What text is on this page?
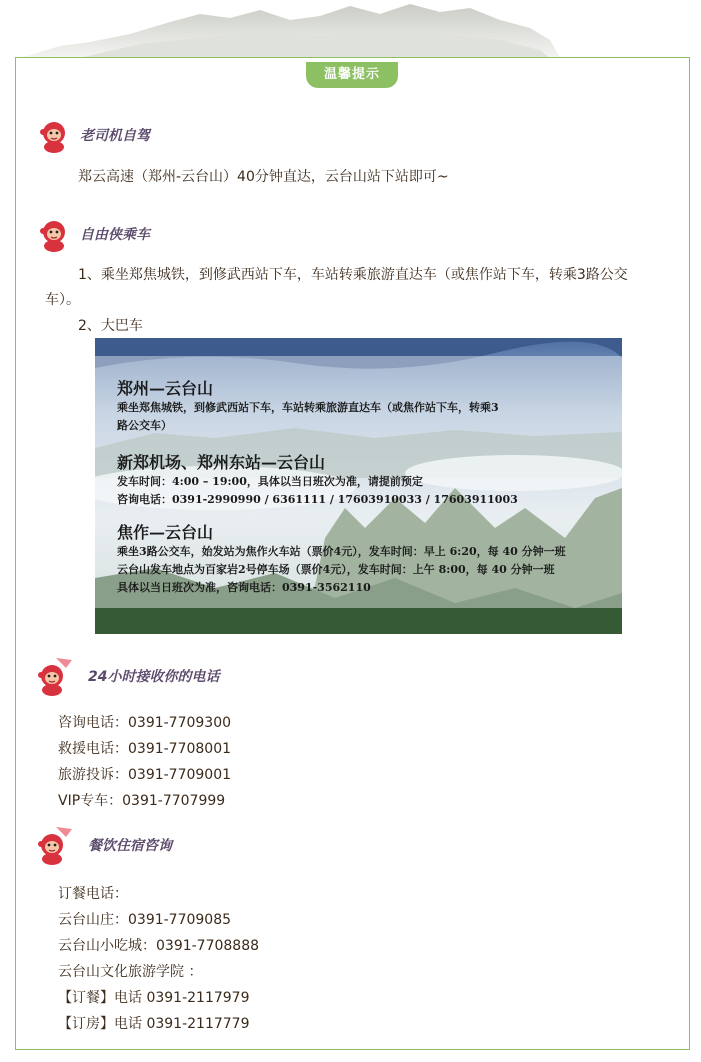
温馨提示
老司机自驾
郑云高速（郑州-云台山）40分钟直达，云台山站下站即可~
自由侠乘车
1、乘坐郑焦城铁，到修武西站下车，车站转乘旅游直达车（或焦作站下车，转乘3路公交
车）。
2、大巴车
郑州—云台山
乘坐郑焦城铁，到修武西站下车，车站转乘旅游直达车（或焦作站下车，转乘3
路公交车）
新郑机场、郑州东站—云台山
发车时间：4:00 – 19:00，具体以当日班次为准，请提前预定
咨询电话：0391-2990990 / 6361111 / 17603910033 / 17603911003
焦作—云台山
乘坐3路公交车，始发站为焦作火车站（票价4元），发车时间：早上 6:20，每 40 分钟一班
云台山发车地点为百家岩2号停车场（票价4元），发车时间：上午 8:00，每 40 分钟一班
具体以当日班次为准，咨询电话：0391-3562110
24小时接收你的电话
咨询电话：0391-7709300
救援电话：0391-7708001
旅游投诉：0391-7709001
VIP专车：0391-7707999
餐饮住宿咨询
订餐电话：
云台山庄：0391-7709085
云台山小吃城：0391-7708888
云台山文化旅游学院 ：
【订餐】电话 0391-2117979
【订房】电话 0391-2117779
